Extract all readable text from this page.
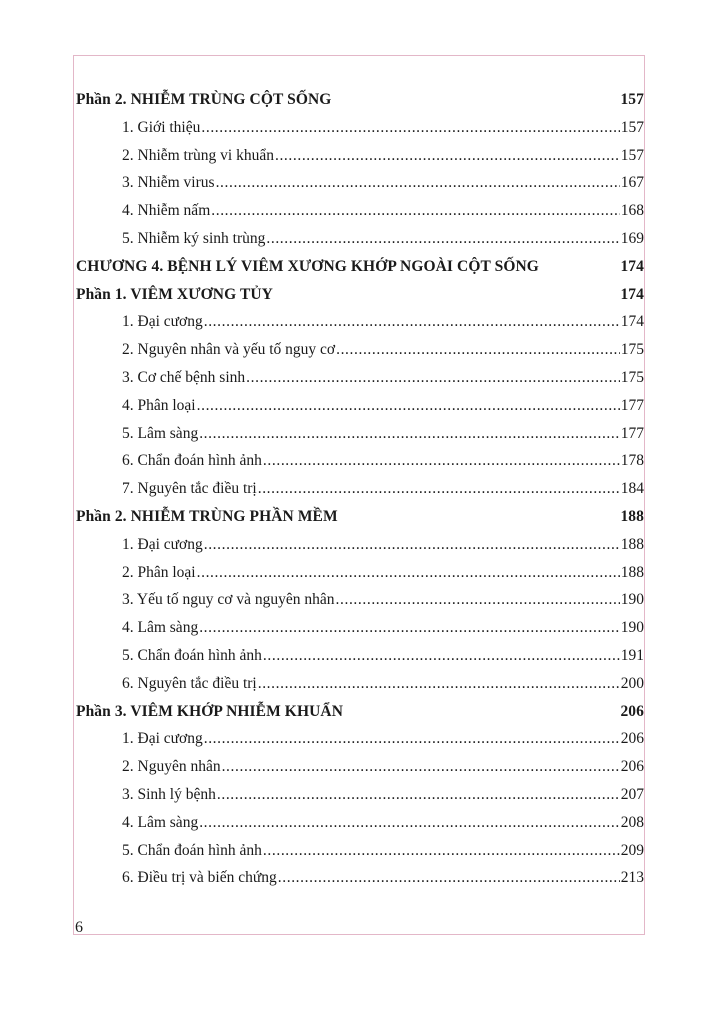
Phần 2. NHIỄM TRÙNG CỘT SỐNG	157
1. Giới thiệu .....	157
2. Nhiễm trùng vi khuẩn .....	157
3. Nhiễm virus .....	167
4. Nhiễm nấm .....	168
5. Nhiễm ký sinh trùng .....	169
CHƯƠNG 4. BỆNH LÝ VIÊM XƯƠNG KHỚP NGOÀI CỘT SỐNG	174
Phần 1. VIÊM XƯƠNG TỦY	174
1. Đại cương .....	174
2. Nguyên nhân và yếu tố nguy cơ .....	175
3. Cơ chế bệnh sinh .....	175
4. Phân loại .....	177
5. Lâm sàng .....	177
6. Chẩn đoán hình ảnh .....	178
7. Nguyên tắc điều trị .....	184
Phần 2. NHIỄM TRÙNG PHẦN MỀM	188
1. Đại cương .....	188
2. Phân loại .....	188
3. Yếu tố nguy cơ và nguyên nhân .....	190
4. Lâm sàng .....	190
5. Chẩn đoán hình ảnh .....	191
6. Nguyên tắc điều trị .....	200
Phần 3. VIÊM KHỚP NHIỄM KHUẨN	206
1. Đại cương .....	206
2. Nguyên nhân .....	206
3. Sinh lý bệnh .....	207
4. Lâm sàng .....	208
5. Chẩn đoán hình ảnh .....	209
6. Điều trị và biến chứng .....	213
6
